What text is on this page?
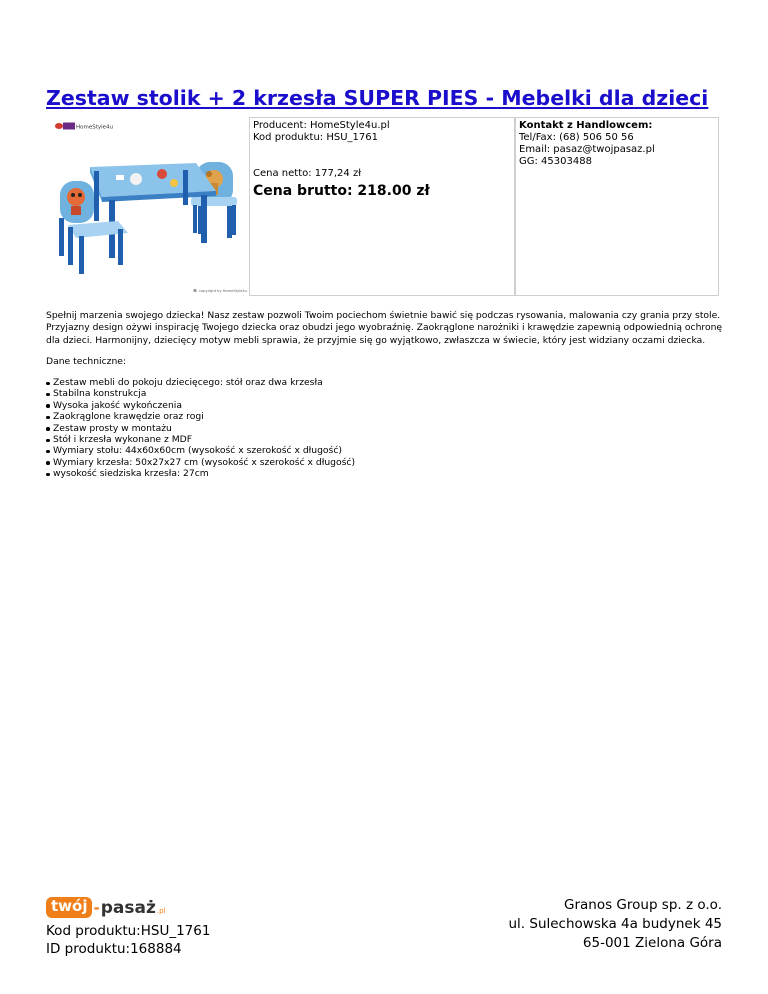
Zestaw stolik + 2 krzesła SUPER PIES - Mebelki dla dzieci
HomeStyle4u
copyright by HomeStyle4u
Producent: HomeStyle4u.pl
Kod produktu: HSU_1761
Cena netto: 177,24 zł
Cena brutto: 218.00 zł
Kontakt z Handlowcem:
Tel/Fax: (68) 506 50 56
Email: pasaz@twojpasaz.pl
GG: 45303488

Spełnij marzenia swojego dziecka! Nasz zestaw pozwoli Twoim pociechom świetnie bawić się podczas rysowania, malowania czy grania przy stole. Przyjazny design ożywi inspirację Twojego dziecka oraz obudzi jego wyobraźnię. Zaokrąglone narożniki i krawędzie zapewnią odpowiednią ochronę dla dzieci. Harmonijny, dziecięcy motyw mebli sprawia, że przyjmie się go wyjątkowo, zwłaszcza w świecie, który jest widziany oczami dziecka.

Dane techniczne:

Zestaw mebli do pokoju dziecięcego: stół oraz dwa krzesła
Stabilna konstrukcja
Wysoka jakość wykończenia
Zaokrąglone krawędzie oraz rogi
Zestaw prosty w montażu
Stół i krzesła wykonane z MDF
Wymiary stołu: 44x60x60cm (wysokość x szerokość x długość)
Wymiary krzesła: 50x27x27 cm (wysokość x szerokość x długość)
wysokość siedziska krzesła: 27cm
twój - pasaż .pl
Kod produktu:HSU_1761
ID produktu:168884
Granos Group sp. z o.o.
ul. Sulechowska 4a budynek 45
65-001 Zielona Góra
